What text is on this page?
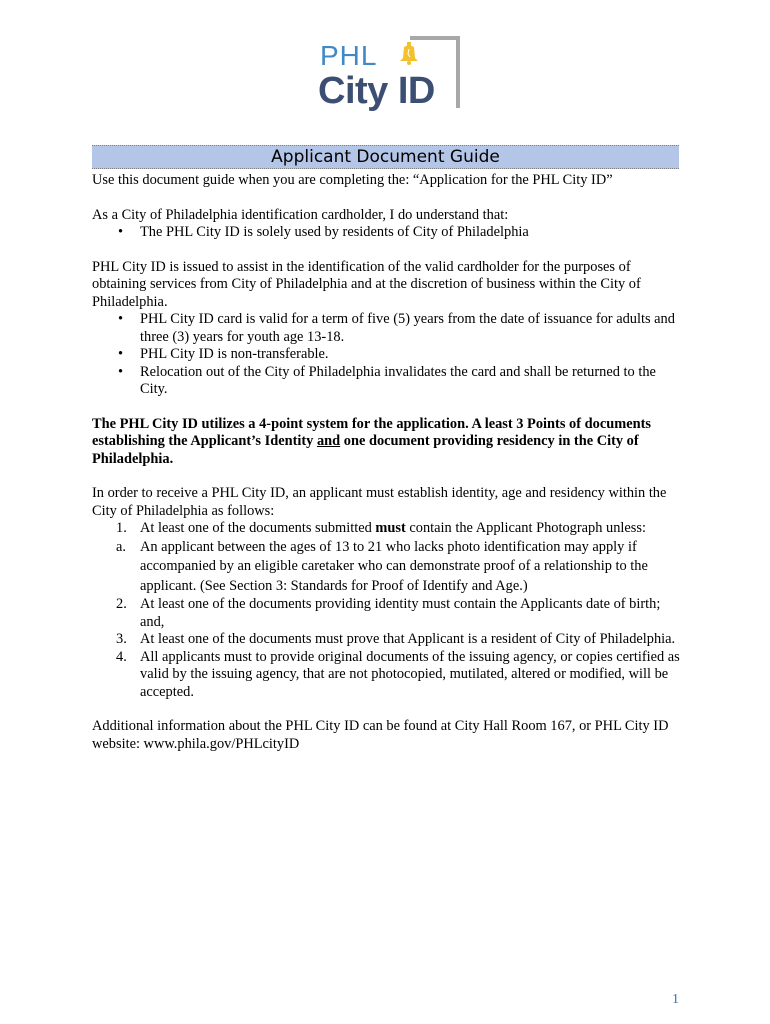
PHL
City ID
Applicant Document Guide

Use this document guide when you are completing the: “Application for the PHL City ID”

As a City of Philadelphia identification cardholder, I do understand that:

• The PHL City ID is solely used by residents of City of Philadelphia

PHL City ID is issued to assist in the identification of the valid cardholder for the purposes of obtaining services from City of Philadelphia and at the discretion of business within the City of Philadelphia.

• PHL City ID card is valid for a term of five (5) years from the date of issuance for adults and three (3) years for youth age 13-18.
• PHL City ID is non-transferable.
• Relocation out of the City of Philadelphia invalidates the card and shall be returned to the City.

The PHL City ID utilizes a 4-point system for the application. A least 3 Points of documents establishing the Applicant’s Identity and one document providing residency in the City of Philadelphia.

In order to receive a PHL City ID, an applicant must establish identity, age and residency within the City of Philadelphia as follows:

1. At least one of the documents submitted must contain the Applicant Photograph unless:
a. An applicant between the ages of 13 to 21 who lacks photo identification may apply if accompanied by an eligible caretaker who can demonstrate proof of a relationship to the applicant. (See Section 3: Standards for Proof of Identify and Age.)
2. At least one of the documents providing identity must contain the Applicants date of birth; and,
3. At least one of the documents must prove that Applicant is a resident of City of Philadelphia.
4. All applicants must to provide original documents of the issuing agency, or copies certified as valid by the issuing agency, that are not photocopied, mutilated, altered or modified, will be accepted.

Additional information about the PHL City ID can be found at City Hall Room 167, or PHL City ID website: www.phila.gov/PHLcityID

1
